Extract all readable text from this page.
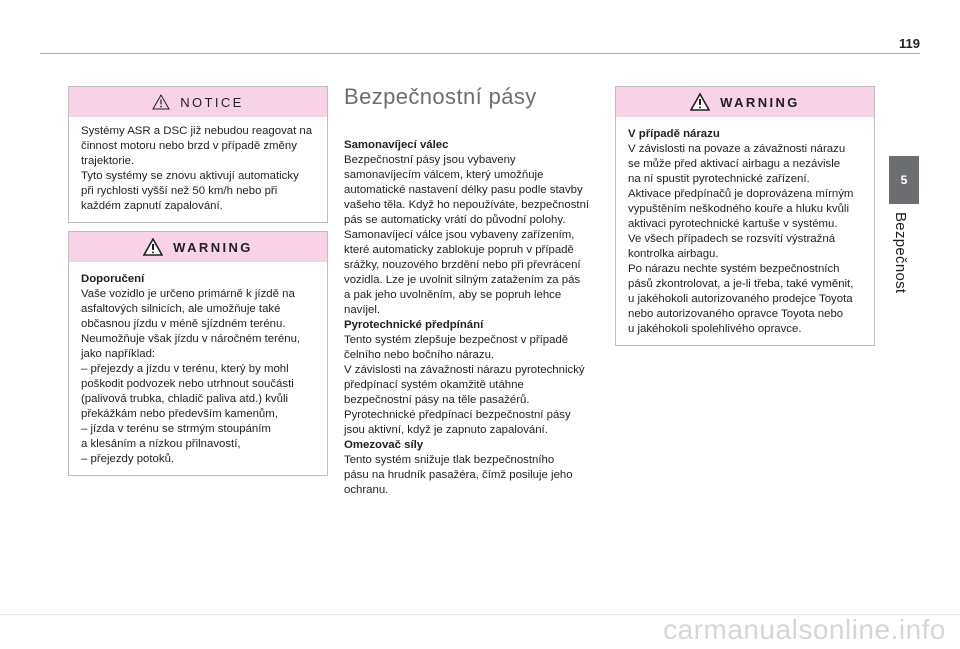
119
5
Bezpečnost
NOTICE

Systémy ASR a DSC již nebudou reagovat na

činnost motoru nebo brzd v případě změny

trajektorie.

Tyto systémy se znovu aktivují automaticky

při rychlosti vyšší než 50 km/h nebo při

každém zapnutí zapalování.

WARNING

Doporučení

Vaše vozidlo je určeno primárně k jízdě na

asfaltových silnicích, ale umožňuje také

občasnou jízdu v méně sjízdném terénu.

Neumožňuje však jízdu v náročném terénu,

jako například:

– přejezdy a jízdu v terénu, který by mohl

poškodit podvozek nebo utrhnout součásti

(palivová trubka, chladič paliva atd.) kvůli

překážkám nebo především kamenům,

– jízda v terénu se strmým stoupáním

a klesáním a nízkou přilnavostí,

– přejezdy potoků.

Bezpečnostní pásy

Samonavíjecí válec

Bezpečnostní pásy jsou vybaveny

samonavíjecím válcem, který umožňuje

automatické nastavení délky pasu podle stavby

vašeho těla. Když ho nepoužíváte, bezpečnostní

pás se automaticky vrátí do původní polohy.

Samonavíjecí válce jsou vybaveny zařízením,

které automaticky zablokuje popruh v případě

srážky, nouzového brzdění nebo při převrácení

vozidla. Lze je uvolnit silným zatažením za pás

a pak jeho uvolněním, aby se popruh lehce

navíjel.

Pyrotechnické předpínání

Tento systém zlepšuje bezpečnost v případě

čelního nebo bočního nárazu.

V závislosti na závažnosti nárazu pyrotechnický

předpínací systém okamžitě utáhne

bezpečnostní pásy na těle pasažérů.

Pyrotechnické předpínací bezpečnostní pásy

jsou aktivní, když je zapnuto zapalování.

Omezovač síly

Tento systém snižuje tlak bezpečnostního

pásu na hrudník pasažéra, čímž posiluje jeho

ochranu.

WARNING

V případě nárazu

V závislosti na povaze a závažnosti nárazu

se může před aktivací airbagu a nezávisle

na ní spustit pyrotechnické zařízení.

Aktivace předpínačů je doprovázena mírným

vypuštěním neškodného kouře a hluku kvůli

aktivaci pyrotechnické kartuše v systému.

Ve všech případech se rozsvítí výstražná

kontrolka airbagu.

Po nárazu nechte systém bezpečnostních

pásů zkontrolovat, a je-li třeba, také vyměnit,

u jakéhokoli autorizovaného prodejce Toyota

nebo autorizovaného opravce Toyota nebo

u jakéhokoli spolehlivého opravce.

carmanualsonline.info
